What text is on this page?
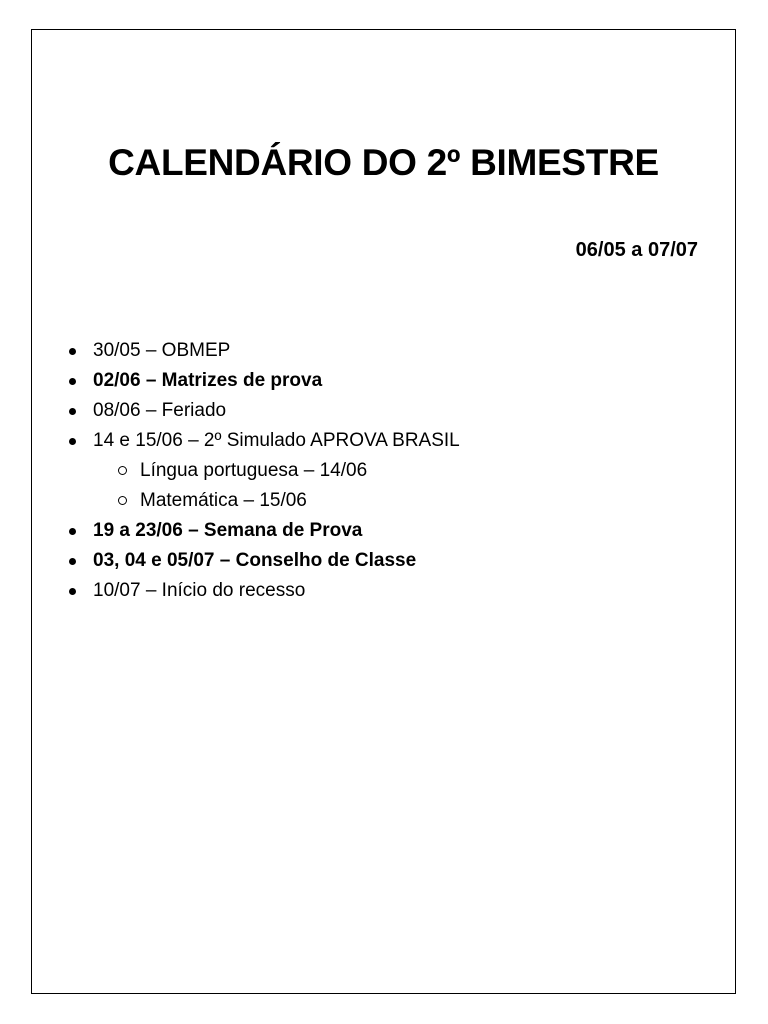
CALENDÁRIO DO 2º BIMESTRE

06/05 a 07/07

30/05 – OBMEP
02/06 – Matrizes de prova
08/06 – Feriado
14 e 15/06 – 2º Simulado APROVA BRASIL
Língua portuguesa – 14/06
Matemática – 15/06
19 a 23/06 – Semana de Prova
03, 04 e 05/07 – Conselho de Classe
10/07 – Início do recesso
